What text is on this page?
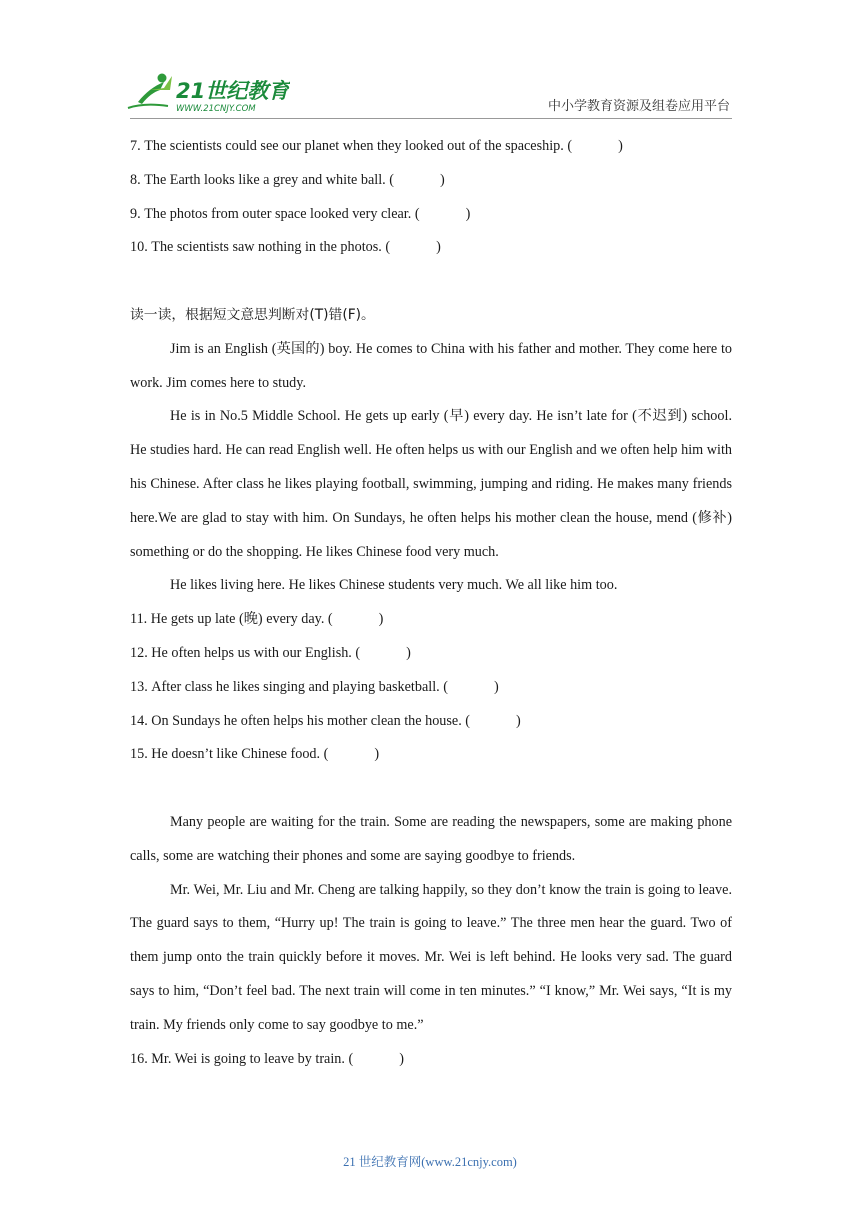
21世纪教育
WWW.21CNJY.COM	中小学教育资源及组卷应用平台
7. The scientists could see our planet when they looked out of the spaceship. (	)
8. The Earth looks like a grey and white ball. (	)
9. The photos from outer space looked very clear. (	)
10. The scientists saw nothing in the photos. (	)
读一读，根据短文意思判断对(T)错(F)。

Jim is an English (英国的) boy. He comes to China with his father and mother. They come here to work. Jim comes here to study.

He is in No.5 Middle School. He gets up early (早) every day. He isn’t late for (不迟到) school. He studies hard. He can read English well. He often helps us with our English and we often help him with his Chinese. After class he likes playing football, swimming, jumping and riding. He makes many friends here.We are glad to stay with him. On Sundays, he often helps his mother clean the house, mend (修补) something or do the shopping. He likes Chinese food very much.

He likes living here. He likes Chinese students very much. We all like him too.

11. He gets up late (晚) every day. (	)
12. He often helps us with our English. (	)
13. After class he likes singing and playing basketball. (	)
14. On Sundays he often helps his mother clean the house. (	)
15. He doesn’t like Chinese food. (	)

Many people are waiting for the train. Some are reading the newspapers, some are making phone calls, some are watching their phones and some are saying goodbye to friends.

Mr. Wei, Mr. Liu and Mr. Cheng are talking happily, so they don’t know the train is going to leave. The guard says to them, “Hurry up! The train is going to leave.” The three men hear the guard. Two of them jump onto the train quickly before it moves. Mr. Wei is left behind. He looks very sad. The guard says to him, “Don’t feel bad. The next train will come in ten minutes.” “I know,” Mr. Wei says, “It is my train. My friends only come to say goodbye to me.”

16. Mr. Wei is going to leave by train. (	)
21 世纪教育网(www.21cnjy.com)
